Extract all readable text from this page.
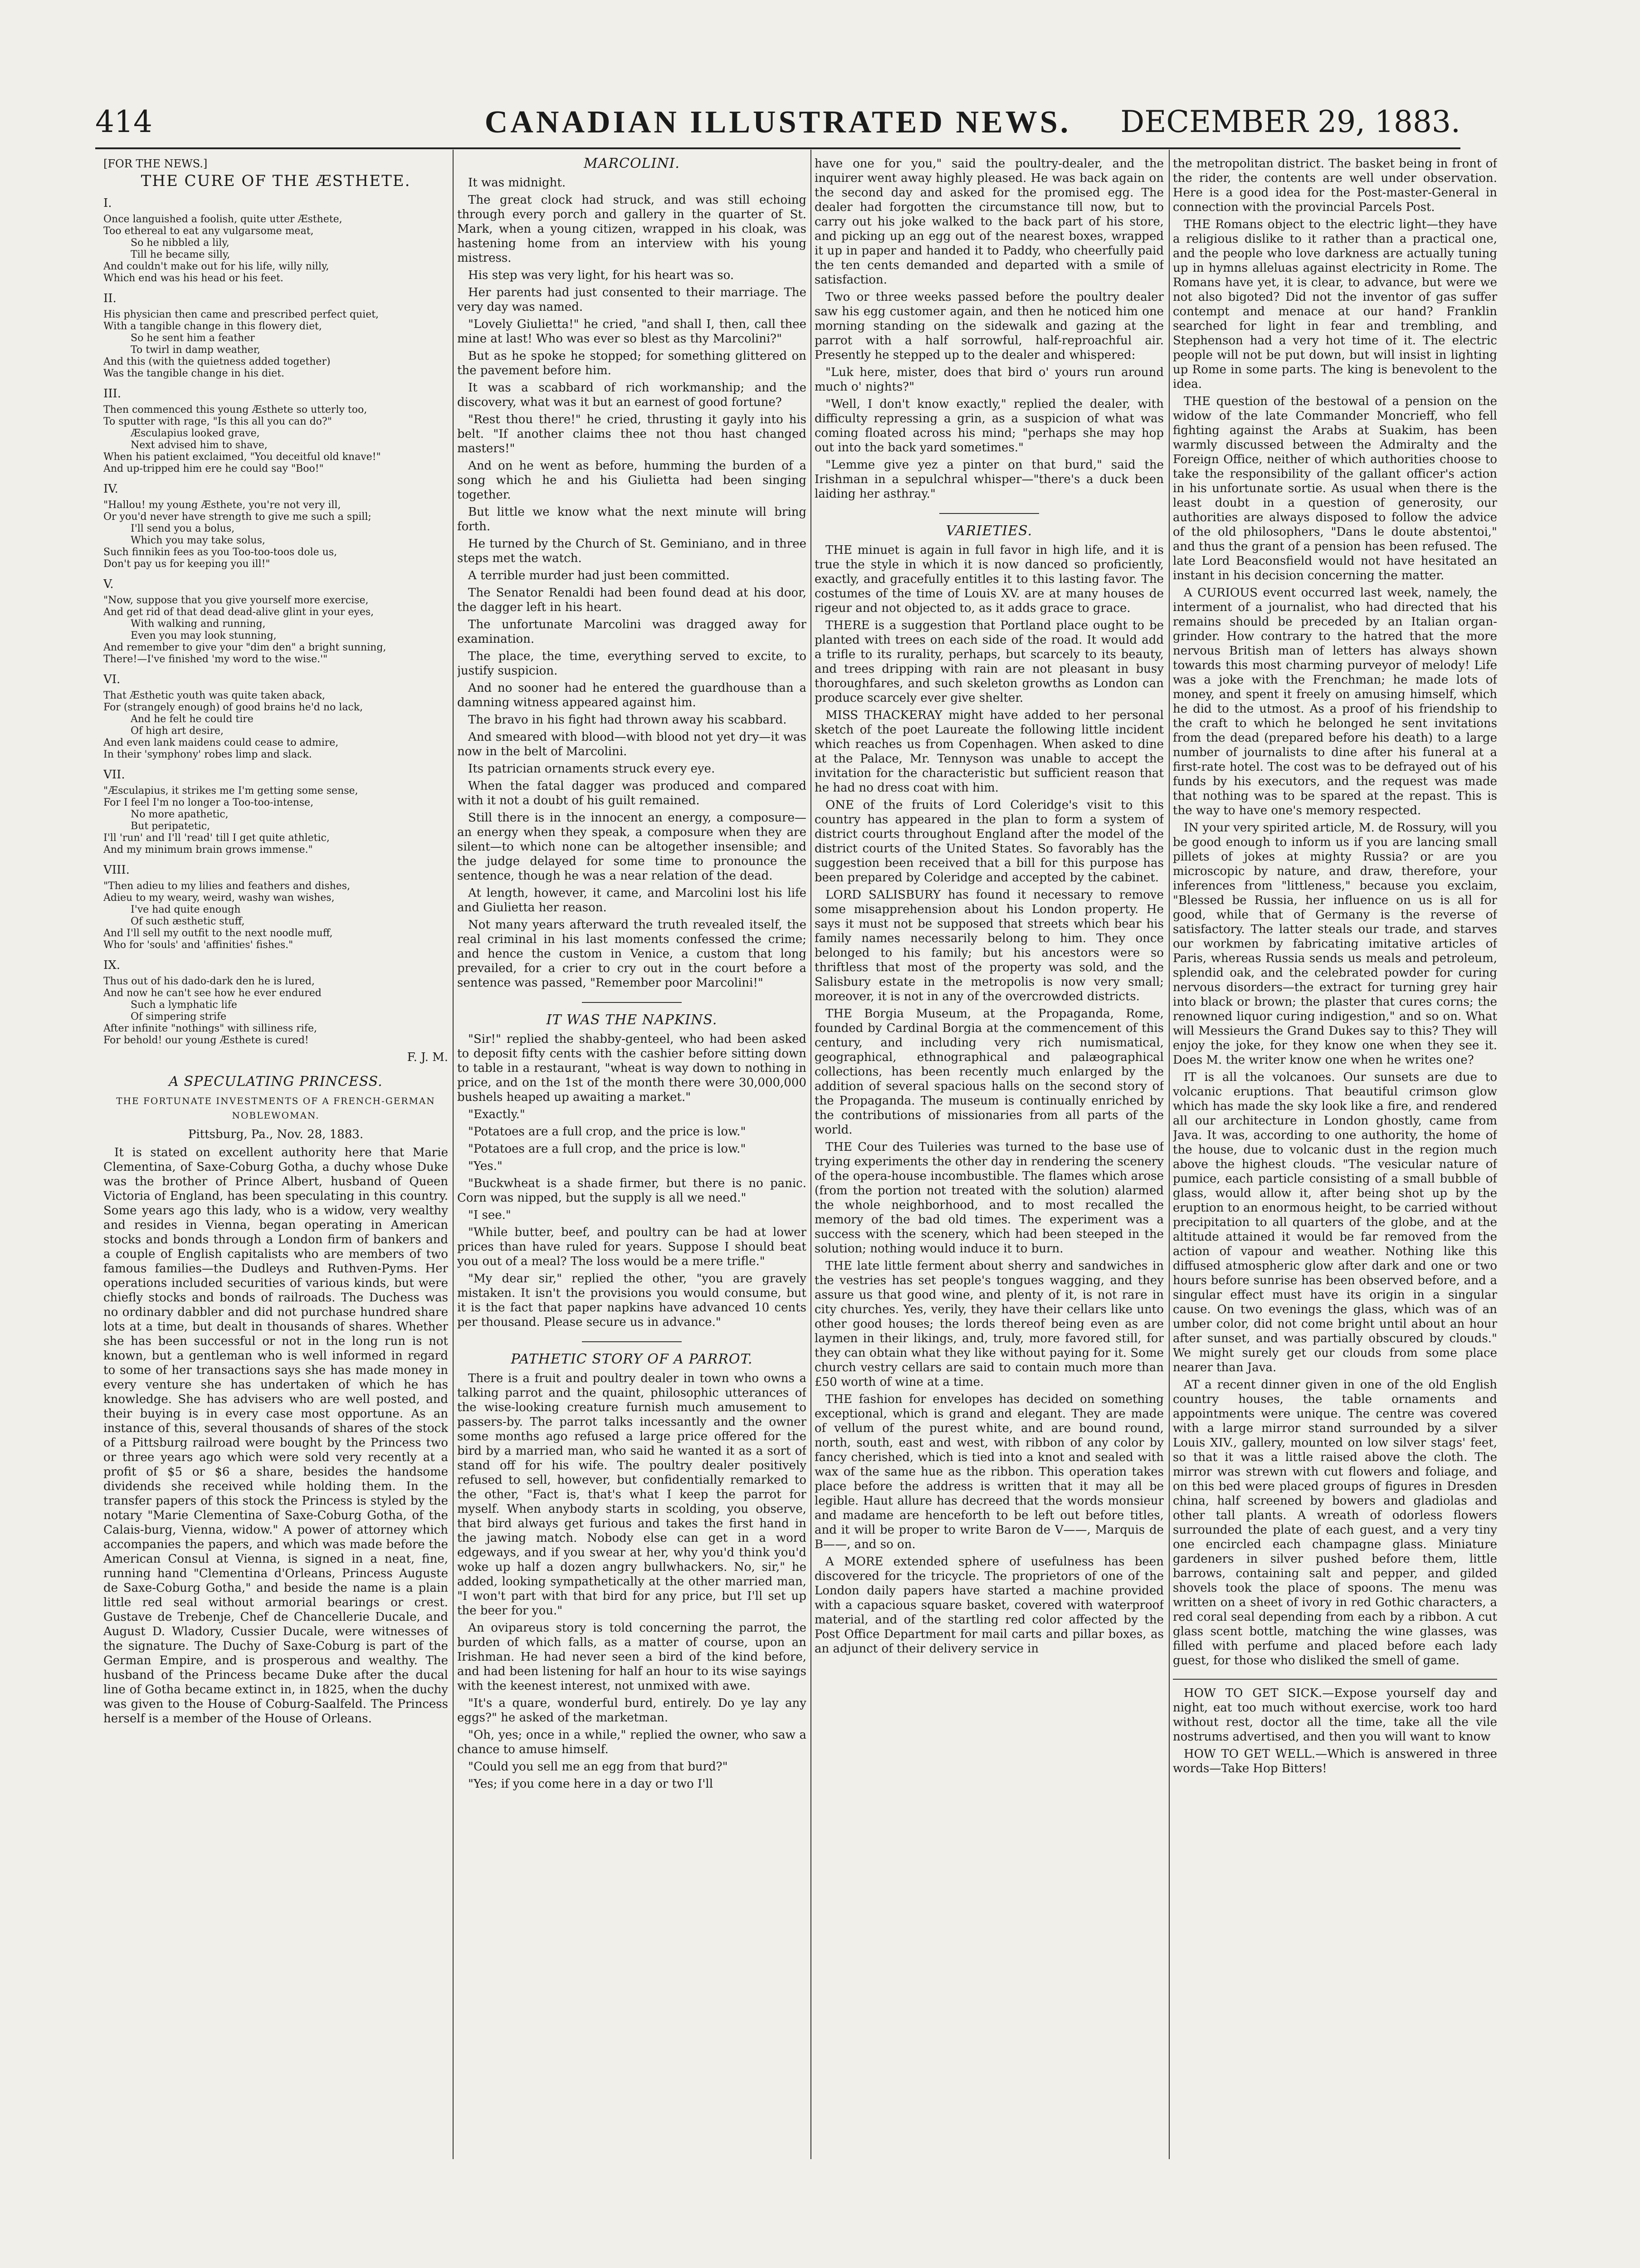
414	CANADIAN ILLUSTRATED NEWS.	DECEMBER 29, 1883.
[FOR THE NEWS.]
THE CURE OF THE ÆSTHETE.
I.
Once languished a foolish, quite utter Æsthete,
Too ethereal to eat any vulgarsome meat,
So he nibbled a lily,
Till he became silly,
And couldn't make out for his life, willy nilly,
Which end was his head or his feet.
II.
His physician then came and prescribed perfect quiet,
With a tangible change in this flowery diet,
So he sent him a feather
To twirl in damp weather,
And this (with the quietness added together)
Was the tangible change in his diet.
III.
Then commenced this young Æsthete so utterly too,
To sputter with rage, "Is this all you can do?"
Æsculapius looked grave,
Next advised him to shave,
When his patient exclaimed, "You deceitful old knave!"
And up-tripped him ere he could say "Boo!"
IV.
"Hallou! my young Æsthete, you're not very ill,
Or you'd never have strength to give me such a spill;
I'll send you a bolus,
Which you may take solus,
Such finnikin fees as you Too-too-toos dole us,
Don't pay us for keeping you ill!"
V.
"Now, suppose that you give yourself more exercise,
And get rid of that dead dead-alive glint in your eyes,
With walking and running,
Even you may look stunning,
And remember to give your "dim den" a bright sunning,
There!—I've finished 'my word to the wise.'"
VI.
That Æsthetic youth was quite taken aback,
For (strangely enough) of good brains he'd no lack,
And he felt he could tire
Of high art desire,
And even lank maidens could cease to admire,
In their 'symphony' robes limp and slack.
VII.
"Æsculapius, it strikes me I'm getting some sense,
For I feel I'm no longer a Too-too-intense,
No more apathetic,
But peripatetic,
I'll 'run' and I'll 'read' till I get quite athletic,
And my minimum brain grows immense."
VIII.
"Then adieu to my lilies and feathers and dishes,
Adieu to my weary, weird, washy wan wishes,
I've had quite enough
Of such æsthetic stuff,
And I'll sell my outfit to the next noodle muff,
Who for 'souls' and 'affinities' fishes."
IX.
Thus out of his dado-dark den he is lured,
And now he can't see how he ever endured
Such a lymphatic life
Of simpering strife
After infinite "nothings" with silliness rife,
For behold! our young Æsthete is cured!
F. J. M.
A SPECULATING PRINCESS.
THE FORTUNATE INVESTMENTS OF A FRENCH-GERMAN NOBLEWOMAN.
Pittsburg, Pa., Nov. 28, 1883.

It is stated on excellent authority here that Marie Clementina, of Saxe-Coburg Gotha, a duchy whose Duke was the brother of Prince Albert, husband of Queen Victoria of England, has been speculating in this country. Some years ago this lady, who is a widow, very wealthy and resides in Vienna, began operating in American stocks and bonds through a London firm of bankers and a couple of English capitalists who are members of two famous families—the Dudleys and Ruthven-Pyms. Her operations included securities of various kinds, but were chiefly stocks and bonds of railroads. The Duchess was no ordinary dabbler and did not purchase hundred share lots at a time, but dealt in thousands of shares. Whether she has been successful or not in the long run is not known, but a gentleman who is well informed in regard to some of her transactions says she has made money in every venture she has undertaken of which he has knowledge. She has advisers who are well posted, and their buying is in every case most opportune. As an instance of this, several thousands of shares of the stock of a Pittsburg railroad were bought by the Princess two or three years ago which were sold very recently at a profit of $5 or $6 a share, besides the handsome dividends she received while holding them. In the transfer papers of this stock the Princess is styled by the notary "Marie Clementina of Saxe-Coburg Gotha, of the Calais-burg, Vienna, widow." A power of attorney which accompanies the papers, and which was made before the American Consul at Vienna, is signed in a neat, fine, running hand "Clementina d'Orleans, Princess Auguste de Saxe-Coburg Gotha," and beside the name is a plain little red seal without armorial bearings or crest. Gustave de Trebenje, Chef de Chancellerie Ducale, and August D. Wladory, Cussier Ducale, were witnesses of the signature. The Duchy of Saxe-Coburg is part of the German Empire, and is prosperous and wealthy. The husband of the Princess became Duke after the ducal line of Gotha became extinct in, in 1825, when the duchy was given to the House of Coburg-Saalfeld. The Princess herself is a member of the House of Orleans.

MARCOLINI.

It was midnight.

The great clock had struck, and was still echoing through every porch and gallery in the quarter of St. Mark, when a young citizen, wrapped in his cloak, was hastening home from an interview with his young mistress.

His step was very light, for his heart was so.

Her parents had just consented to their marriage. The very day was named.

"Lovely Giulietta!" he cried, "and shall I, then, call thee mine at last! Who was ever so blest as thy Marcolini?"

But as he spoke he stopped; for something glittered on the pavement before him.

It was a scabbard of rich workmanship; and the discovery, what was it but an earnest of good fortune?

"Rest thou there!" he cried, thrusting it gayly into his belt. "If another claims thee not thou hast changed masters!"

And on he went as before, humming the burden of a song which he and his Giulietta had been singing together.

But little we know what the next minute will bring forth.

He turned by the Church of St. Geminiano, and in three steps met the watch.

A terrible murder had just been committed.

The Senator Renaldi had been found dead at his door, the dagger left in his heart.

The unfortunate Marcolini was dragged away for examination.

The place, the time, everything served to excite, to justify suspicion.

And no sooner had he entered the guardhouse than a damning witness appeared against him.

The bravo in his fight had thrown away his scabbard.

And smeared with blood—with blood not yet dry—it was now in the belt of Marcolini.

Its patrician ornaments struck every eye.

When the fatal dagger was produced and compared with it not a doubt of his guilt remained.

Still there is in the innocent an energy, a composure—an energy when they speak, a composure when they are silent—to which none can be altogether insensible; and the judge delayed for some time to pronounce the sentence, though he was a near relation of the dead.

At length, however, it came, and Marcolini lost his life and Giulietta her reason.

Not many years afterward the truth revealed itself, the real criminal in his last moments confessed the crime; and hence the custom in Venice, a custom that long prevailed, for a crier to cry out in the court before a sentence was passed, "Remember poor Marcolini!"

IT WAS THE NAPKINS.

"Sir!" replied the shabby-genteel, who had been asked to deposit fifty cents with the cashier before sitting down to table in a restaurant, "wheat is way down to nothing in price, and on the 1st of the month there were 30,000,000 bushels heaped up awaiting a market."

"Exactly."

"Potatoes are a full crop, and the price is low."

"Potatoes are a full crop, and the price is low."

"Yes."

"Buckwheat is a shade firmer, but there is no panic. Corn was nipped, but the supply is all we need."

"I see."

"While butter, beef, and poultry can be had at lower prices than have ruled for years. Suppose I should beat you out of a meal? The loss would be a mere trifle."

"My dear sir," replied the other, "you are gravely mistaken. It isn't the provisions you would consume, but it is the fact that paper napkins have advanced 10 cents per thousand. Please secure us in advance."

PATHETIC STORY OF A PARROT.

There is a fruit and poultry dealer in town who owns a talking parrot and the quaint, philosophic utterances of the wise-looking creature furnish much amusement to passers-by. The parrot talks incessantly and the owner some months ago refused a large price offered for the bird by a married man, who said he wanted it as a sort of stand off for his wife. The poultry dealer positively refused to sell, however, but confidentially remarked to the other, "Fact is, that's what I keep the parrot for myself. When anybody starts in scolding, you observe, that bird always get furious and takes the first hand in the jawing match. Nobody else can get in a word edgeways, and if you swear at her, why you'd think you'd woke up half a dozen angry bullwhackers. No, sir," he added, looking sympathetically at the other married man, "I won't part with that bird for any price, but I'll set up the beer for you."

An ovipareus story is told concerning the parrot, the burden of which falls, as a matter of course, upon an Irishman. He had never seen a bird of the kind before, and had been listening for half an hour to its wise sayings with the keenest interest, not unmixed with awe.

"It's a quare, wonderful burd, entirely. Do ye lay any eggs?" he asked of the marketman.

"Oh, yes; once in a while," replied the owner, who saw a chance to amuse himself.

"Could you sell me an egg from that burd?"

"Yes; if you come here in a day or two I'll

have one for you," said the poultry-dealer, and the inquirer went away highly pleased. He was back again on the second day and asked for the promised egg. The dealer had forgotten the circumstance till now, but to carry out his joke walked to the back part of his store, and picking up an egg out of the nearest boxes, wrapped it up in paper and handed it to Paddy, who cheerfully paid the ten cents demanded and departed with a smile of satisfaction.

Two or three weeks passed before the poultry dealer saw his egg customer again, and then he noticed him one morning standing on the sidewalk and gazing at the parrot with a half sorrowful, half-reproachful air. Presently he stepped up to the dealer and whispered:

"Luk here, mister, does that bird o' yours run around much o' nights?"

"Well, I don't know exactly," replied the dealer, with difficulty repressing a grin, as a suspicion of what was coming floated across his mind; "perhaps she may hop out into the back yard sometimes."

"Lemme give yez a pinter on that burd," said the Irishman in a sepulchral whisper—"there's a duck been laiding her asthray."

VARIETIES.

THE minuet is again in full favor in high life, and it is true the style in which it is now danced so proficiently, exactly, and gracefully entitles it to this lasting favor. The costumes of the time of Louis XV. are at many houses de rigeur and not objected to, as it adds grace to grace.

THERE is a suggestion that Portland place ought to be planted with trees on each side of the road. It would add a trifle to its rurality, perhaps, but scarcely to its beauty, and trees dripping with rain are not pleasant in busy thoroughfares, and such skeleton growths as London can produce scarcely ever give shelter.

MISS THACKERAY might have added to her personal sketch of the poet Laureate the following little incident which reaches us from Copenhagen. When asked to dine at the Palace, Mr. Tennyson was unable to accept the invitation for the characteristic but sufficient reason that he had no dress coat with him.

ONE of the fruits of Lord Coleridge's visit to this country has appeared in the plan to form a system of district courts throughout England after the model of the district courts of the United States. So favorably has the suggestion been received that a bill for this purpose has been prepared by Coleridge and accepted by the cabinet.

LORD SALISBURY has found it necessary to remove some misapprehension about his London property. He says it must not be supposed that streets which bear his family names necessarily belong to him. They once belonged to his family; but his ancestors were so thriftless that most of the property was sold, and the Salisbury estate in the metropolis is now very small; moreover, it is not in any of the overcrowded districts.

THE Borgia Museum, at the Propaganda, Rome, founded by Cardinal Borgia at the commencement of this century, and including very rich numismatical, geographical, ethnographical and palæographical collections, has been recently much enlarged by the addition of several spacious halls on the second story of the Propaganda. The museum is continually enriched by the contributions of missionaries from all parts of the world.

THE Cour des Tuileries was turned to the base use of trying experiments the other day in rendering the scenery of the opera-house incombustible. The flames which arose (from the portion not treated with the solution) alarmed the whole neighborhood, and to most recalled the memory of the bad old times. The experiment was a success with the scenery, which had been steeped in the solution; nothing would induce it to burn.

THE late little ferment about sherry and sandwiches in the vestries has set people's tongues wagging, and they assure us that good wine, and plenty of it, is not rare in city churches. Yes, verily, they have their cellars like unto other good houses; the lords thereof being even as are laymen in their likings, and, truly, more favored still, for they can obtain what they like without paying for it. Some church vestry cellars are said to contain much more than £50 worth of wine at a time.

THE fashion for envelopes has decided on something exceptional, which is grand and elegant. They are made of vellum of the purest white, and are bound round, north, south, east and west, with ribbon of any color by fancy cherished, which is tied into a knot and sealed with wax of the same hue as the ribbon. This operation takes place before the address is written that it may all be legible. Haut allure has decreed that the words monsieur and madame are henceforth to be left out before titles, and it will be proper to write Baron de V——, Marquis de B——, and so on.

A MORE extended sphere of usefulness has been discovered for the tricycle. The proprietors of one of the London daily papers have started a machine provided with a capacious square basket, covered with waterproof material, and of the startling red color affected by the Post Office Department for mail carts and pillar boxes, as an adjunct of their delivery service in

the metropolitan district. The basket being in front of the rider, the contents are well under observation. Here is a good idea for the Post-master-General in connection with the provincial Parcels Post.

THE Romans object to the electric light—they have a religious dislike to it rather than a practical one, and the people who love darkness are actually tuning up in hymns alleluas against electricity in Rome. The Romans have yet, it is clear, to advance, but were we not also bigoted? Did not the inventor of gas suffer contempt and menace at our hand? Franklin searched for light in fear and trembling, and Stephenson had a very hot time of it. The electric people will not be put down, but will insist in lighting up Rome in some parts. The king is benevolent to the idea.

THE question of the bestowal of a pension on the widow of the late Commander Moncrieff, who fell fighting against the Arabs at Suakim, has been warmly discussed between the Admiralty and the Foreign Office, neither of which authorities choose to take the responsibility of the gallant officer's action in his unfortunate sortie. As usual when there is the least doubt in a question of generosity, our authorities are always disposed to follow the advice of the old philosophers, "Dans le doute abstentoi," and thus the grant of a pension has been refused. The late Lord Beaconsfield would not have hesitated an instant in his decision concerning the matter.

A CURIOUS event occurred last week, namely, the interment of a journalist, who had directed that his remains should be preceded by an Italian organ-grinder. How contrary to the hatred that the more nervous British man of letters has always shown towards this most charming purveyor of melody! Life was a joke with the Frenchman; he made lots of money, and spent it freely on amusing himself, which he did to the utmost. As a proof of his friendship to the craft to which he belonged he sent invitations from the dead (prepared before his death) to a large number of journalists to dine after his funeral at a first-rate hotel. The cost was to be defrayed out of his funds by his executors, and the request was made that nothing was to be spared at the repast. This is the way to have one's memory respected.

IN your very spirited article, M. de Rossury, will you be good enough to inform us if you are lancing small pillets of jokes at mighty Russia? or are you microscopic by nature, and draw, therefore, your inferences from "littleness," because you exclaim, "Blessed be Russia, her influence on us is all for good, while that of Germany is the reverse of satisfactory. The latter steals our trade, and starves our workmen by fabricating imitative articles of Paris, whereas Russia sends us meals and petroleum, splendid oak, and the celebrated powder for curing nervous disorders—the extract for turning grey hair into black or brown; the plaster that cures corns; the renowned liquor curing indigestion," and so on. What will Messieurs the Grand Dukes say to this? They will enjoy the joke, for they know one when they see it. Does M. the writer know one when he writes one?

IT is all the volcanoes. Our sunsets are due to volcanic eruptions. That beautiful crimson glow which has made the sky look like a fire, and rendered all our architecture in London ghostly, came from Java. It was, according to one authority, the home of the house, due to volcanic dust in the region much above the highest clouds. "The vesicular nature of pumice, each particle consisting of a small bubble of glass, would allow it, after being shot up by the eruption to an enormous height, to be carried without precipitation to all quarters of the globe, and at the altitude attained it would be far removed from the action of vapour and weather. Nothing like this diffused atmospheric glow after dark and one or two hours before sunrise has been observed before, and a singular effect must have its origin in a singular cause. On two evenings the glass, which was of an umber color, did not come bright until about an hour after sunset, and was partially obscured by clouds." We might surely get our clouds from some place nearer than Java.

AT a recent dinner given in one of the old English country houses, the table ornaments and appointments were unique. The centre was covered with a large mirror stand surrounded by a silver Louis XIV., gallery, mounted on low silver stags' feet, so that it was a little raised above the cloth. The mirror was strewn with cut flowers and foliage, and on this bed were placed groups of figures in Dresden china, half screened by bowers and gladiolas and other tall plants. A wreath of odorless flowers surrounded the plate of each guest, and a very tiny one encircled each champagne glass. Miniature gardeners in silver pushed before them, little barrows, containing salt and pepper, and gilded shovels took the place of spoons. The menu was written on a sheet of ivory in red Gothic characters, a red coral seal depending from each by a ribbon. A cut glass scent bottle, matching the wine glasses, was filled with perfume and placed before each lady guest, for those who disliked the smell of game.

HOW TO GET SICK.—Expose yourself day and night, eat too much without exercise, work too hard without rest, doctor all the time, take all the vile nostrums advertised, and then you will want to know

HOW TO GET WELL.—Which is answered in three words—Take Hop Bitters!
